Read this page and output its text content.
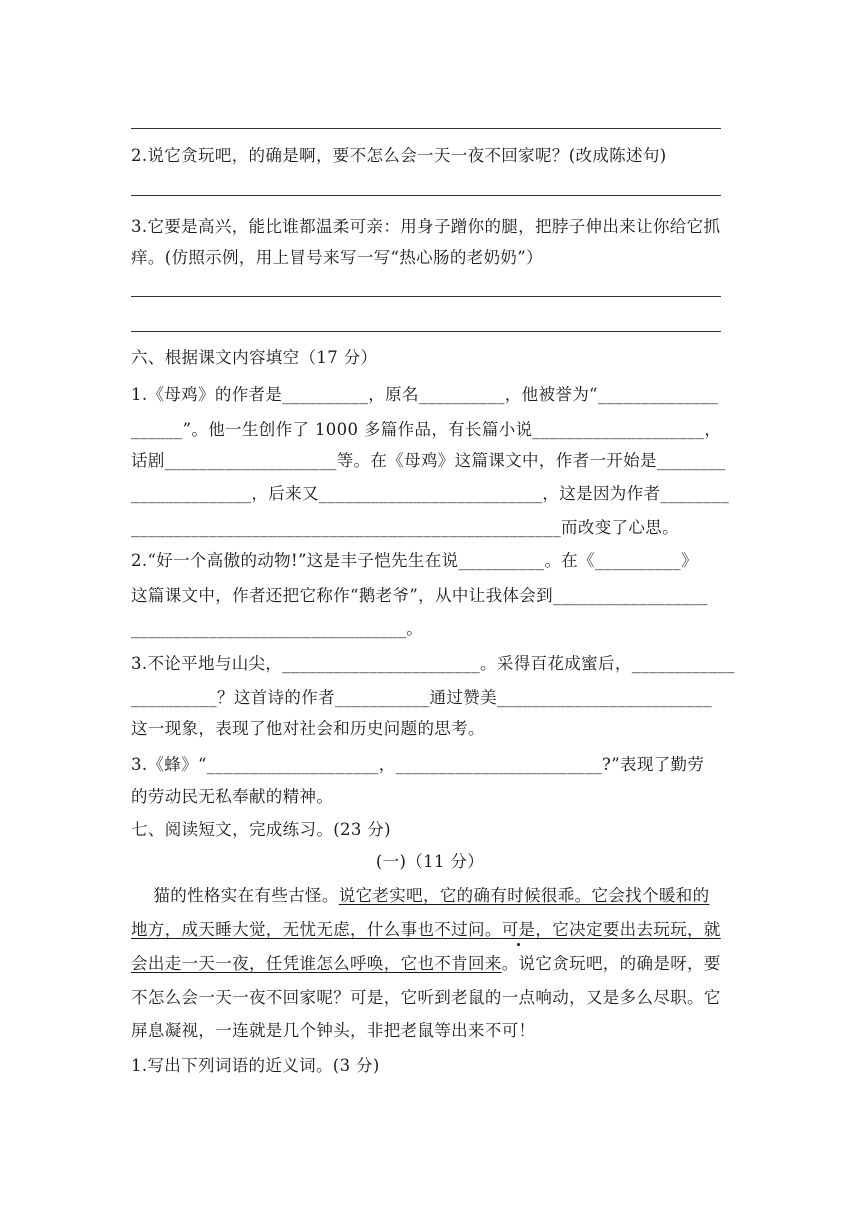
2.说它贪玩吧，的确是啊，要不怎么会一天一夜不回家呢？(改成陈述句)
3.它要是高兴，能比谁都温柔可亲：用身子蹭你的腿，把脖子伸出来让你给它抓
痒。(仿照示例，用上冒号来写一写“热心肠的老奶奶”）
六、根据课文内容填空（17 分）
1.《母鸡》的作者是__________，原名__________，他被誉为“______________
______”。他一生创作了 1000 多篇作品，有长篇小说____________________，
话剧____________________等。在《母鸡》这篇课文中，作者一开始是________
______________，后来又__________________________，这是因为作者________
__________________________________________________而改变了心思。
2.“好一个高傲的动物!”这是丰子恺先生在说__________。在《__________》
这篇课文中，作者还把它称作“鹅老爷”，从中让我体会到__________________
________________________________。
3.不论平地与山尖，_______________________。采得百花成蜜后，____________
__________？这首诗的作者___________通过赞美_________________________
这一现象，表现了他对社会和历史问题的思考。
3.《蜂》“____________________，________________________?”表现了勤劳
的劳动民无私奉献的精神。
七、阅读短文，完成练习。(23 分)
(一)（11 分）
猫的性格实在有些古怪。说它老实吧，它的确有时候很乖。它会找个暖和的
地方，成天睡大觉，无忧无虑，什么事也不过问。可是，它决定要出去玩玩，就
会出走一天一夜，任凭谁怎么呼唤，它也不肯回来。说它贪玩吧，的确是呀，要
不怎么会一天一夜不回家呢？可是，它听到老鼠的一点响动，又是多么尽职。它
屏息凝视，一连就是几个钟头，非把老鼠等出来不可！
1.写出下列词语的近义词。(3 分)
